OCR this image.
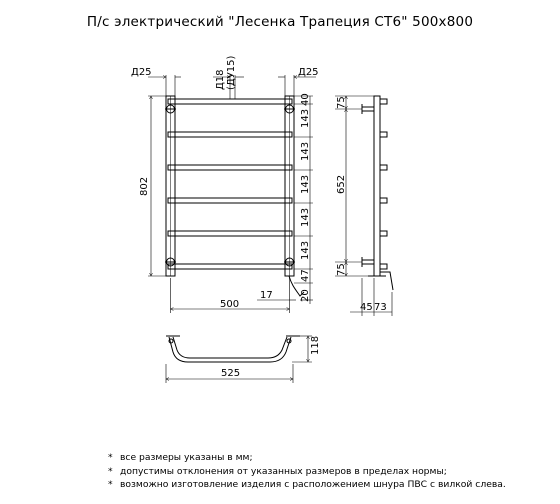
П/с электрический "Лесенка Трапеция СТ6" 500х800
Д25	Д18 (ДУ15)	Д25
802
500
17
40
143
143
143
143
143
47
20
75
652
75
45 73
118
525
* все размеры указаны в мм;
* допустимы отклонения от указанных размеров в пределах нормы;
* возможно изготовление изделия с расположением шнура ПВС с вилкой слева.
